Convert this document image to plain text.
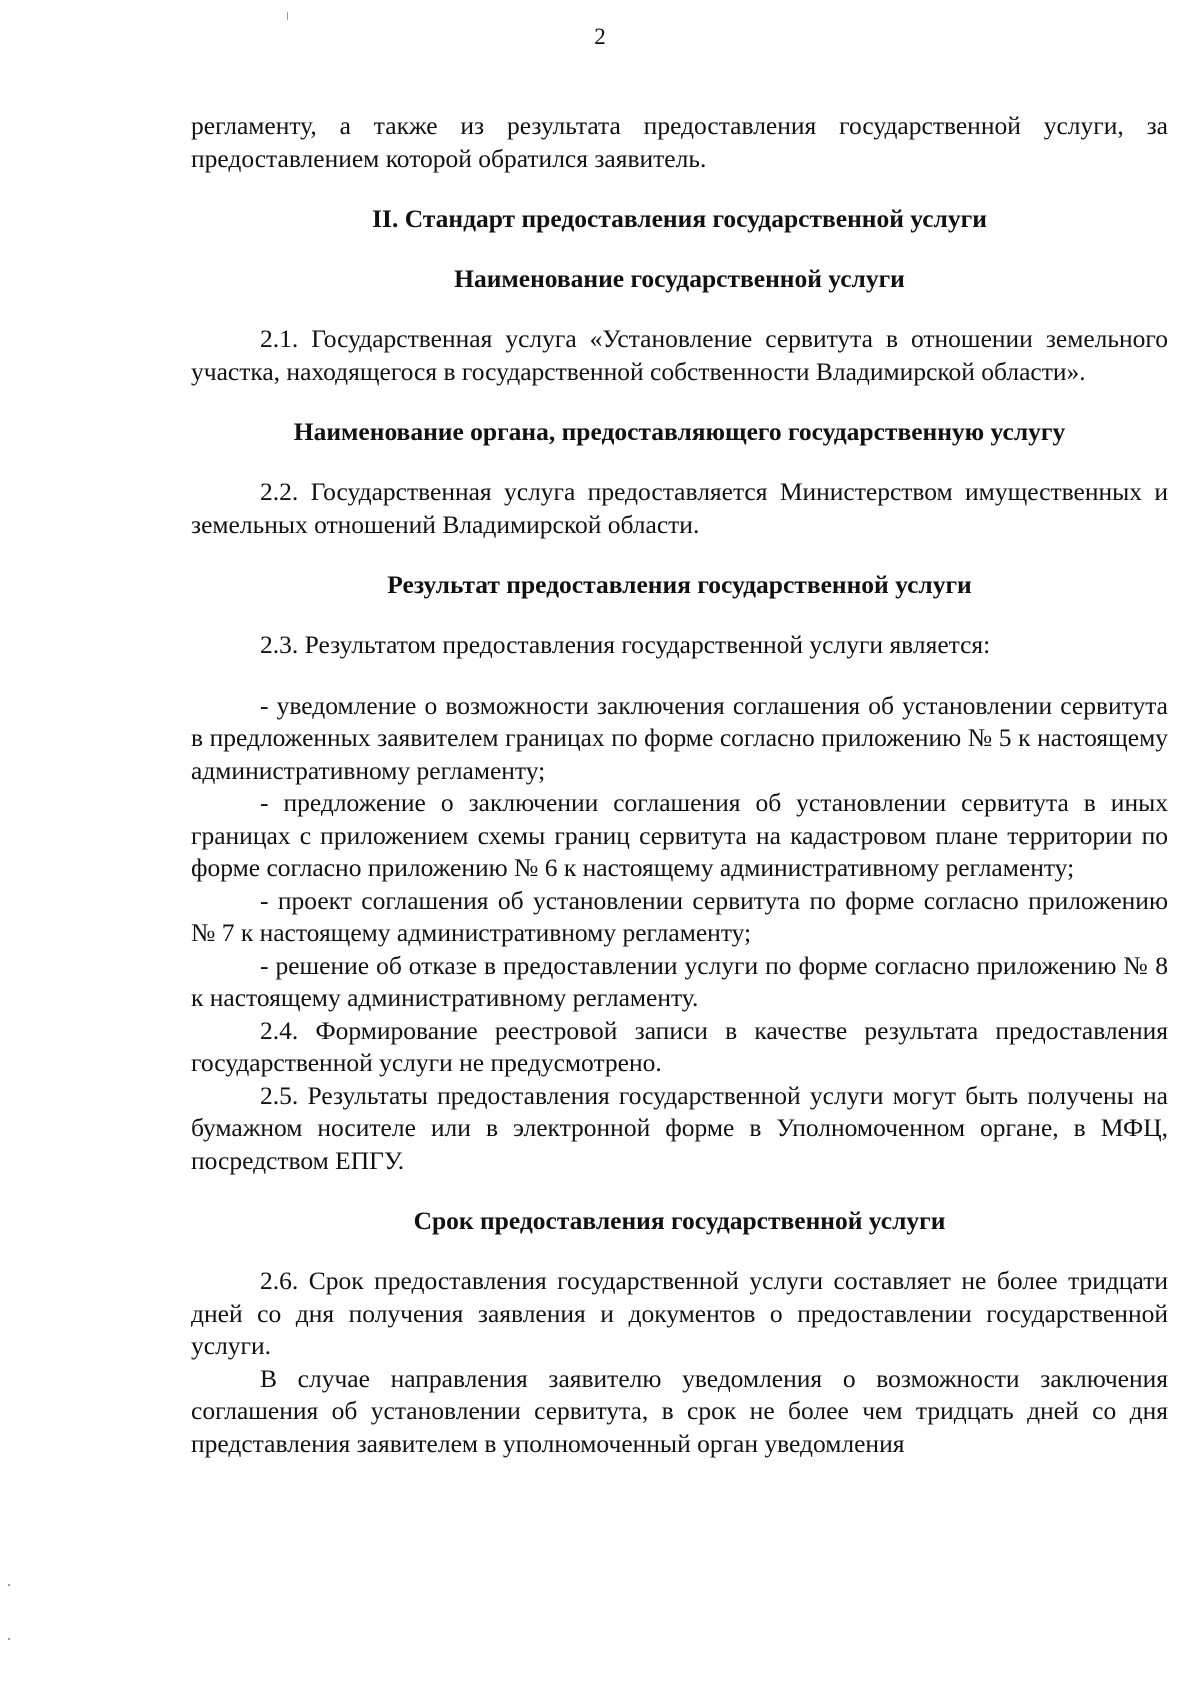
2

регламенту, а также из результата предоставления государственной услуги, за предоставлением которой обратился заявитель.

II. Стандарт предоставления государственной услуги
Наименование государственной услуги

2.1. Государственная услуга «Установление сервитута в отношении земельного участка, находящегося в государственной собственности Владимирской области».

Наименование органа, предоставляющего государственную услугу

2.2. Государственная услуга предоставляется Министерством имущественных и земельных отношений Владимирской области.

Результат предоставления государственной услуги

2.3. Результатом предоставления государственной услуги является:

- уведомление о возможности заключения соглашения об установлении сервитута в предложенных заявителем границах по форме согласно приложению № 5 к настоящему административному регламенту;

- предложение о заключении соглашения об установлении сервитута в иных границах с приложением схемы границ сервитута на кадастровом плане территории по форме согласно приложению № 6 к настоящему административному регламенту;

- проект соглашения об установлении сервитута по форме согласно приложению № 7 к настоящему административному регламенту;

- решение об отказе в предоставлении услуги по форме согласно приложению № 8 к настоящему административному регламенту.

2.4. Формирование реестровой записи в качестве результата предоставления государственной услуги не предусмотрено.

2.5. Результаты предоставления государственной услуги могут быть получены на бумажном носителе или в электронной форме в Уполномоченном органе, в МФЦ, посредством ЕПГУ.

Срок предоставления государственной услуги

2.6. Срок предоставления государственной услуги составляет не более тридцати дней со дня получения заявления и документов о предоставлении государственной услуги.

В случае направления заявителю уведомления о возможности заключения соглашения об установлении сервитута, в срок не более чем тридцать дней со дня представления заявителем в уполномоченный орган уведомления
